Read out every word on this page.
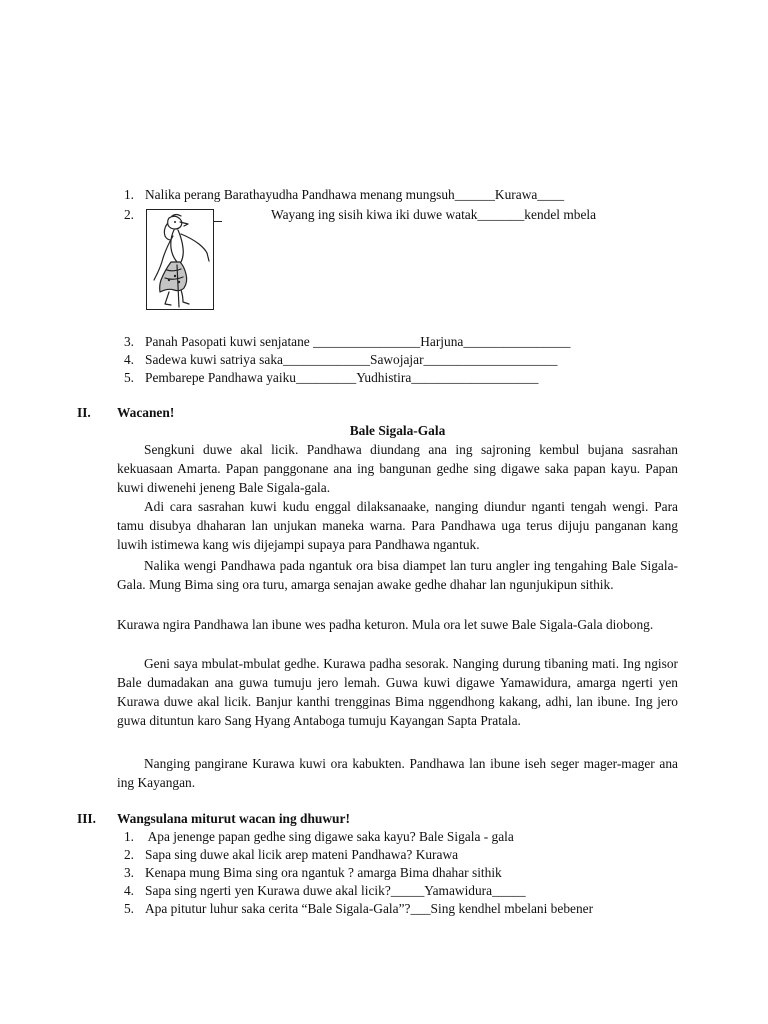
1. Nalika perang Barathayudha Pandhawa menang mungsuh______Kurawa____
2.	Wayang ing sisih kiwa iki duwe watak_______kendel mbela
3. Panah Pasopati kuwi senjatane ________________Harjuna________________
4. Sadewa kuwi satriya saka_____________Sawojajar____________________
5. Pembarepe Pandhawa yaiku_________Yudhistira___________________
II. Wacanen!
Bale Sigala-Gala

Sengkuni duwe akal licik. Pandhawa diundang ana ing sajroning kembul bujana sasrahan kekuasaan Amarta. Papan panggonane ana ing bangunan gedhe sing digawe saka papan kayu. Papan kuwi diwenehi jeneng Bale Sigala-gala.

Adi cara sasrahan kuwi kudu enggal dilaksanaake, nanging diundur nganti tengah wengi. Para tamu disubya dhaharan lan unjukan maneka warna. Para Pandhawa uga terus dijuju panganan kang luwih istimewa kang wis dijejampi supaya para Pandhawa ngantuk.

Nalika wengi Pandhawa pada ngantuk ora bisa diampet lan turu angler ing tengahing Bale Sigala-Gala. Mung Bima sing ora turu, amarga senajan awake gedhe dhahar lan ngunjukipun sithik.

Kurawa ngira Pandhawa lan ibune wes padha keturon. Mula ora let suwe Bale Sigala-Gala diobong.

Geni saya mbulat-mbulat gedhe. Kurawa padha sesorak. Nanging durung tibaning mati. Ing ngisor Bale dumadakan ana guwa tumuju jero lemah. Guwa kuwi digawe Yamawidura, amarga ngerti yen Kurawa duwe akal licik. Banjur kanthi trengginas Bima nggendhong kakang, adhi, lan ibune. Ing jero guwa dituntun karo Sang Hyang Antaboga tumuju Kayangan Sapta Pratala.

Nanging pangirane Kurawa kuwi ora kabukten. Pandhawa lan ibune iseh seger mager-mager ana ing Kayangan.

III. Wangsulana miturut wacan ing dhuwur!
1. Apa jenenge papan gedhe sing digawe saka kayu? Bale Sigala - gala
2. Sapa sing duwe akal licik arep mateni Pandhawa? Kurawa
3. Kenapa mung Bima sing ora ngantuk ? amarga Bima dhahar sithik
4. Sapa sing ngerti yen Kurawa duwe akal licik?_____Yamawidura_____
5. Apa pitutur luhur saka cerita “Bale Sigala-Gala”?___Sing kendhel mbelani bebener
